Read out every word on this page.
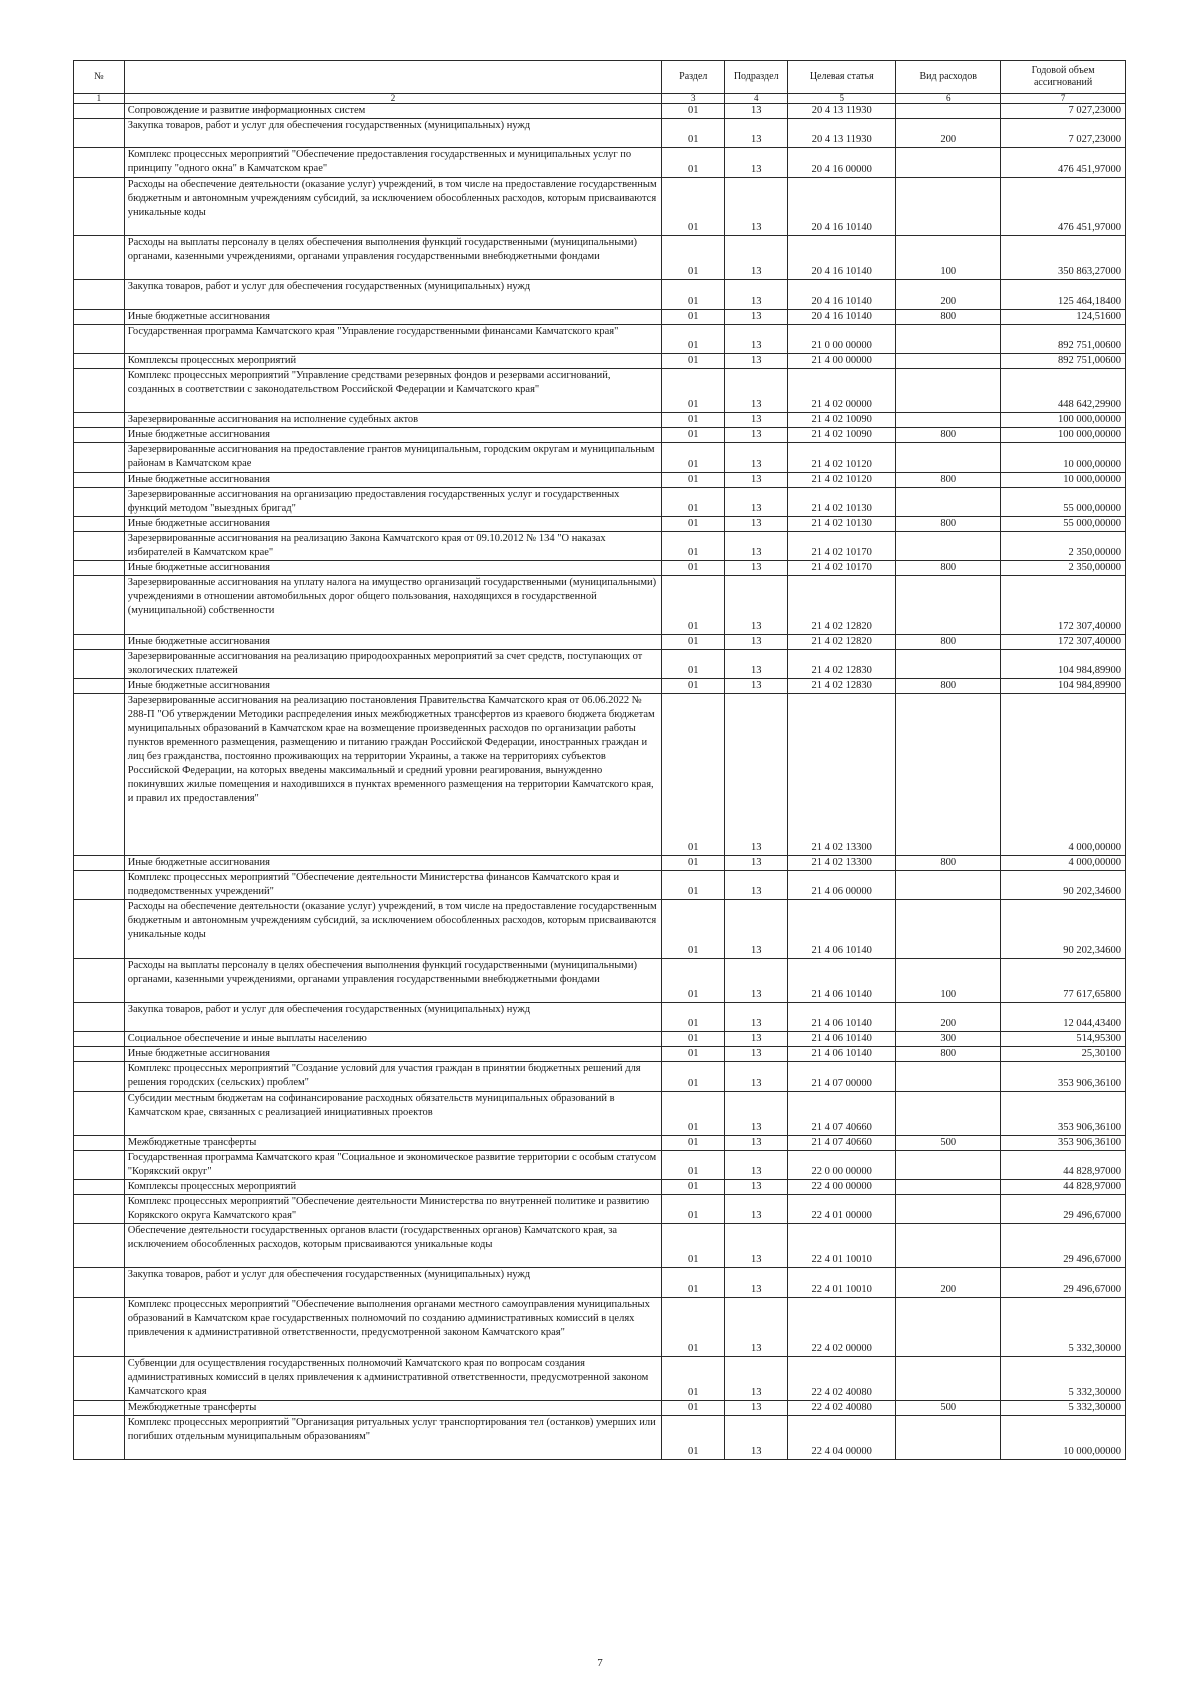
№		Раздел	Подраздел	Целевая статья	Вид расходов	Годовой объем ассигнований
1	2	3	4	5	6	7
	Сопровождение и развитие информационных систем	01	13	20 4 13 11930		7 027,23000
	Закупка товаров, работ и услуг для обеспечения государственных (муниципальных) нужд	01	13	20 4 13 11930	200	7 027,23000
	Комплекс процессных мероприятий "Обеспечение предоставления государственных и муниципальных услуг по принципу "одного окна" в Камчатском крае"	01	13	20 4 16 00000		476 451,97000
	Расходы на обеспечение деятельности (оказание услуг) учреждений, в том числе на предоставление государственным бюджетным и автономным учреждениям субсидий, за исключением обособленных расходов, которым присваиваются уникальные коды	01	13	20 4 16 10140		476 451,97000
	Расходы на выплаты персоналу в целях обеспечения выполнения функций государственными (муниципальными) органами, казенными учреждениями, органами управления государственными внебюджетными фондами	01	13	20 4 16 10140	100	350 863,27000
	Закупка товаров, работ и услуг для обеспечения государственных (муниципальных) нужд	01	13	20 4 16 10140	200	125 464,18400
	Иные бюджетные ассигнования	01	13	20 4 16 10140	800	124,51600
	Государственная программа Камчатского края "Управление государственными финансами Камчатского края"	01	13	21 0 00 00000		892 751,00600
	Комплексы процессных мероприятий	01	13	21 4 00 00000		892 751,00600
	Комплекс процессных мероприятий "Управление средствами резервных фондов и резервами ассигнований, созданных в соответствии с законодательством Российской Федерации и Камчатского края"	01	13	21 4 02 00000		448 642,29900
	Зарезервированные ассигнования на исполнение судебных актов	01	13	21 4 02 10090		100 000,00000
	Иные бюджетные ассигнования	01	13	21 4 02 10090	800	100 000,00000
	Зарезервированные ассигнования на предоставление грантов муниципальным, городским округам и муниципальным районам в Камчатском крае	01	13	21 4 02 10120		10 000,00000
	Иные бюджетные ассигнования	01	13	21 4 02 10120	800	10 000,00000
	Зарезервированные ассигнования на организацию предоставления государственных услуг и государственных функций методом "выездных бригад"	01	13	21 4 02 10130		55 000,00000
	Иные бюджетные ассигнования	01	13	21 4 02 10130	800	55 000,00000
	Зарезервированные ассигнования на реализацию Закона Камчатского края от 09.10.2012 № 134 "О наказах избирателей в Камчатском крае"	01	13	21 4 02 10170		2 350,00000
	Иные бюджетные ассигнования	01	13	21 4 02 10170	800	2 350,00000
	Зарезервированные ассигнования на уплату налога на имущество организаций государственными (муниципальными) учреждениями в отношении автомобильных дорог общего пользования, находящихся в государственной (муниципальной) собственности	01	13	21 4 02 12820		172 307,40000
	Иные бюджетные ассигнования	01	13	21 4 02 12820	800	172 307,40000
	Зарезервированные ассигнования на реализацию природоохранных мероприятий за счет средств, поступающих от экологических платежей	01	13	21 4 02 12830		104 984,89900
	Иные бюджетные ассигнования	01	13	21 4 02 12830	800	104 984,89900
	Зарезервированные ассигнования на реализацию постановления Правительства Камчатского края от 06.06.2022 № 288-П "Об утверждении Методики распределения иных межбюджетных трансфертов из краевого бюджета бюджетам муниципальных образований в Камчатском крае на возмещение произведенных расходов по организации работы пунктов временного размещения, размещению и питанию граждан Российской Федерации, иностранных граждан и лиц без гражданства, постоянно проживающих на территории Украины, а также на территориях субъектов Российской Федерации, на которых введены максимальный и средний уровни реагирования, вынужденно покинувших жилые помещения и находившихся в пунктах временного размещения на территории Камчатского края, и правил их предоставления"	01	13	21 4 02 13300		4 000,00000
	Иные бюджетные ассигнования	01	13	21 4 02 13300	800	4 000,00000
	Комплекс процессных мероприятий "Обеспечение деятельности Министерства финансов Камчатского края и подведомственных учреждений"	01	13	21 4 06 00000		90 202,34600
	Расходы на обеспечение деятельности (оказание услуг) учреждений, в том числе на предоставление государственным бюджетным и автономным учреждениям субсидий, за исключением обособленных расходов, которым присваиваются уникальные коды	01	13	21 4 06 10140		90 202,34600
	Расходы на выплаты персоналу в целях обеспечения выполнения функций государственными (муниципальными) органами, казенными учреждениями, органами управления государственными внебюджетными фондами	01	13	21 4 06 10140	100	77 617,65800
	Закупка товаров, работ и услуг для обеспечения государственных (муниципальных) нужд	01	13	21 4 06 10140	200	12 044,43400
	Социальное обеспечение и иные выплаты населению	01	13	21 4 06 10140	300	514,95300
	Иные бюджетные ассигнования	01	13	21 4 06 10140	800	25,30100
	Комплекс процессных мероприятий "Создание условий для участия граждан в принятии бюджетных решений для решения городских (сельских) проблем"	01	13	21 4 07 00000		353 906,36100
	Субсидии местным бюджетам на софинансирование расходных обязательств муниципальных образований в Камчатском крае, связанных с реализацией инициативных проектов	01	13	21 4 07 40660		353 906,36100
	Межбюджетные трансферты	01	13	21 4 07 40660	500	353 906,36100
	Государственная программа Камчатского края "Социальное и экономическое развитие территории с особым статусом "Корякский округ"	01	13	22 0 00 00000		44 828,97000
	Комплексы процессных мероприятий	01	13	22 4 00 00000		44 828,97000
	Комплекс процессных мероприятий "Обеспечение деятельности Министерства по внутренней политике и развитию Корякского округа Камчатского края"	01	13	22 4 01 00000		29 496,67000
	Обеспечение деятельности государственных органов власти (государственных органов) Камчатского края, за исключением обособленных расходов, которым присваиваются уникальные коды	01	13	22 4 01 10010		29 496,67000
	Закупка товаров, работ и услуг для обеспечения государственных (муниципальных) нужд	01	13	22 4 01 10010	200	29 496,67000
	Комплекс процессных мероприятий "Обеспечение выполнения органами местного самоуправления муниципальных образований в Камчатском крае государственных полномочий по созданию административных комиссий в целях привлечения к административной ответственности, предусмотренной законом Камчатского края"	01	13	22 4 02 00000		5 332,30000
	Субвенции для осуществления государственных полномочий Камчатского края по вопросам создания административных комиссий в целях привлечения к административной ответственности, предусмотренной законом Камчатского края	01	13	22 4 02 40080		5 332,30000
	Межбюджетные трансферты	01	13	22 4 02 40080	500	5 332,30000
	Комплекс процессных мероприятий "Организация ритуальных услуг транспортирования тел (останков) умерших или погибших отдельным муниципальным образованиям"	01	13	22 4 04 00000		10 000,00000
7
